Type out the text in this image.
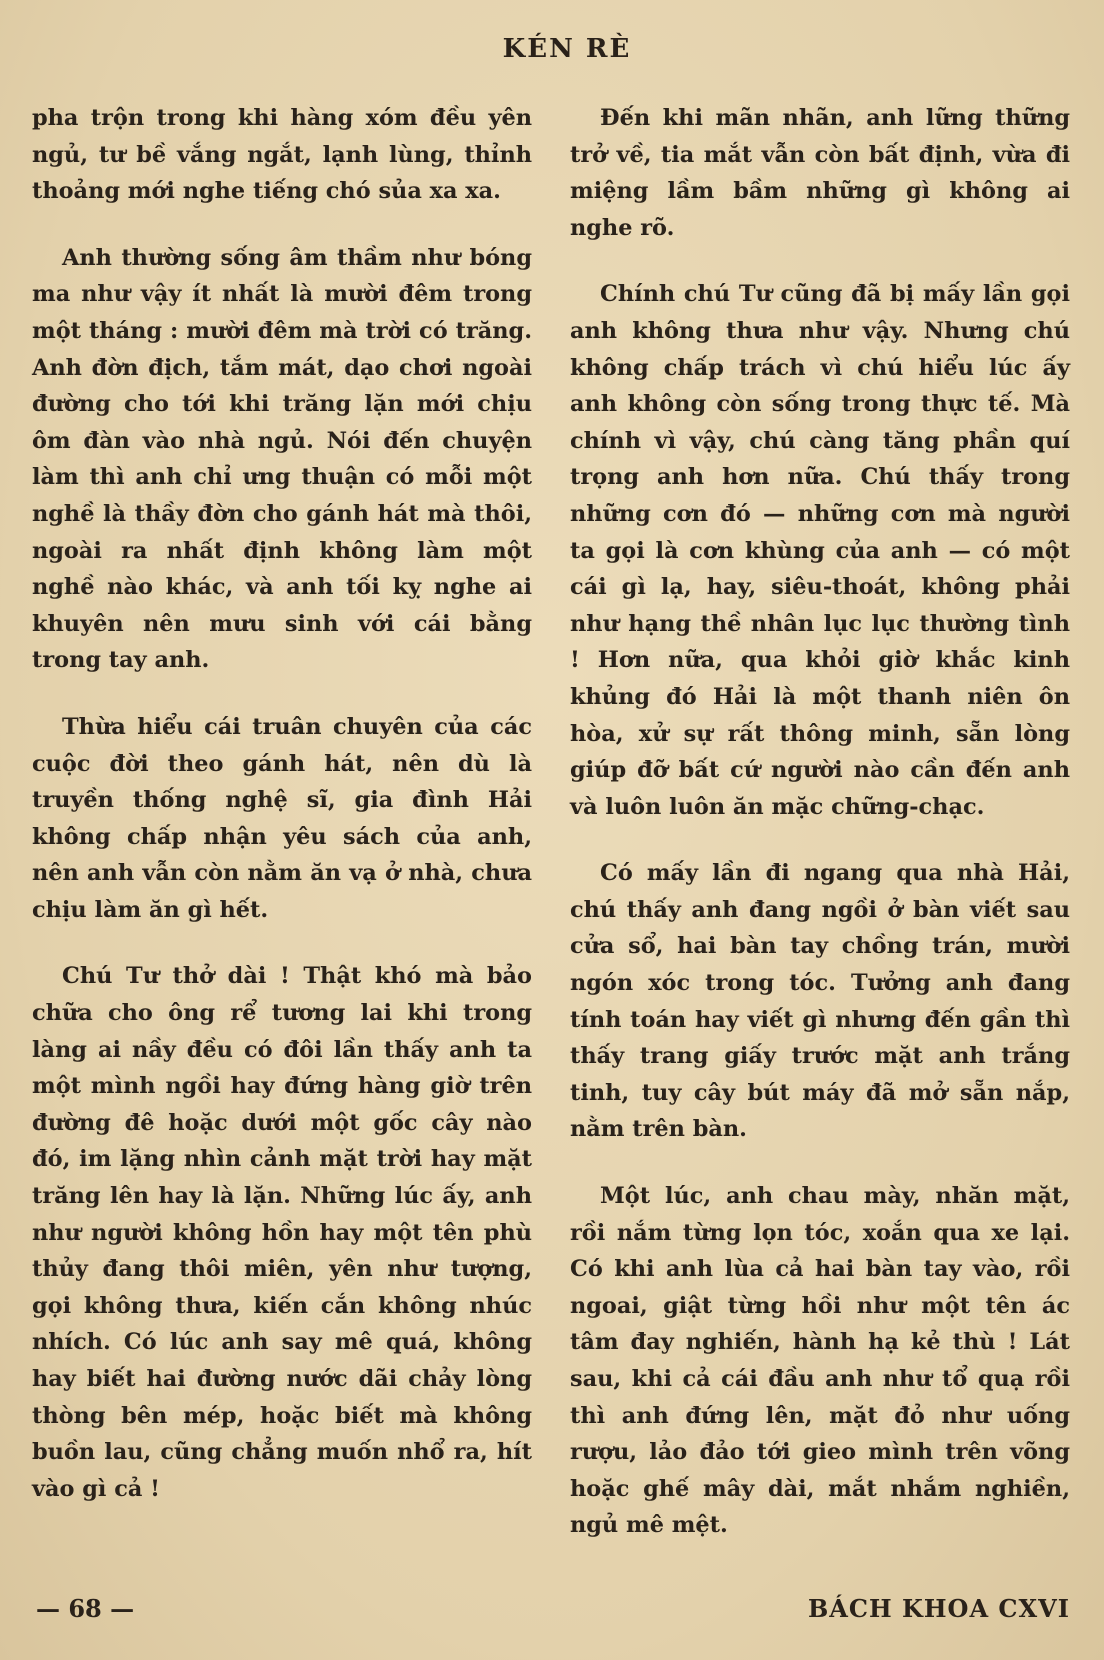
KÉN RÈ

pha trộn trong khi hàng xóm đều yên ngủ, tư bề vắng ngắt, lạnh lùng, thỉnh thoảng mới nghe tiếng chó sủa xa xa.

Anh thường sống âm thầm như bóng ma như vậy ít nhất là mười đêm trong một tháng : mười đêm mà trời có trăng. Anh đờn địch, tắm mát, dạo chơi ngoài đường cho tới khi trăng lặn mới chịu ôm đàn vào nhà ngủ. Nói đến chuyện làm thì anh chỉ ưng thuận có mỗi một nghề là thầy đờn cho gánh hát mà thôi, ngoài ra nhất định không làm một nghề nào khác, và anh tối kỵ nghe ai khuyên nên mưu sinh với cái bằng trong tay anh.

Thừa hiểu cái truân chuyên của các cuộc đời theo gánh hát, nên dù là truyền thống nghệ sĩ, gia đình Hải không chấp nhận yêu sách của anh, nên anh vẫn còn nằm ăn vạ ở nhà, chưa chịu làm ăn gì hết.

Chú Tư thở dài ! Thật khó mà bảo chữa cho ông rể tương lai khi trong làng ai nầy đều có đôi lần thấy anh ta một mình ngồi hay đứng hàng giờ trên đường đê hoặc dưới một gốc cây nào đó, im lặng nhìn cảnh mặt trời hay mặt trăng lên hay là lặn. Những lúc ấy, anh như người không hồn hay một tên phù thủy đang thôi miên, yên như tượng, gọi không thưa, kiến cắn không nhúc nhích. Có lúc anh say mê quá, không hay biết hai đường nước dãi chảy lòng thòng bên mép, hoặc biết mà không buồn lau, cũng chẳng muốn nhổ ra, hít vào gì cả !

Đến khi mãn nhãn, anh lững thững trở về, tia mắt vẫn còn bất định, vừa đi miệng lầm bầm những gì không ai nghe rõ.

Chính chú Tư cũng đã bị mấy lần gọi anh không thưa như vậy. Nhưng chú không chấp trách vì chú hiểu lúc ấy anh không còn sống trong thực tế. Mà chính vì vậy, chú càng tăng phần quí trọng anh hơn nữa. Chú thấy trong những cơn đó — những cơn mà người ta gọi là cơn khùng của anh — có một cái gì lạ, hay, siêu-thoát, không phải như hạng thề nhân lục lục thường tình ! Hơn nữa, qua khỏi giờ khắc kinh khủng đó Hải là một thanh niên ôn hòa, xử sự rất thông minh, sẵn lòng giúp đỡ bất cứ người nào cần đến anh và luôn luôn ăn mặc chững-chạc.

Có mấy lần đi ngang qua nhà Hải, chú thấy anh đang ngồi ở bàn viết sau cửa sổ, hai bàn tay chồng trán, mười ngón xóc trong tóc. Tưởng anh đang tính toán hay viết gì nhưng đến gần thì thấy trang giấy trước mặt anh trắng tinh, tuy cây bút máy đã mở sẵn nắp, nằm trên bàn.

Một lúc, anh chau mày, nhăn mặt, rồi nắm từng lọn tóc, xoắn qua xe lại. Có khi anh lùa cả hai bàn tay vào, rồi ngoai, giật từng hồi như một tên ác tâm đay nghiến, hành hạ kẻ thù ! Lát sau, khi cả cái đầu anh như tổ quạ rồi thì anh đứng lên, mặt đỏ như uống rượu, lảo đảo tới gieo mình trên võng hoặc ghế mây dài, mắt nhắm nghiền, ngủ mê mệt.

— 68 —	BÁCH KHOA CXVI
